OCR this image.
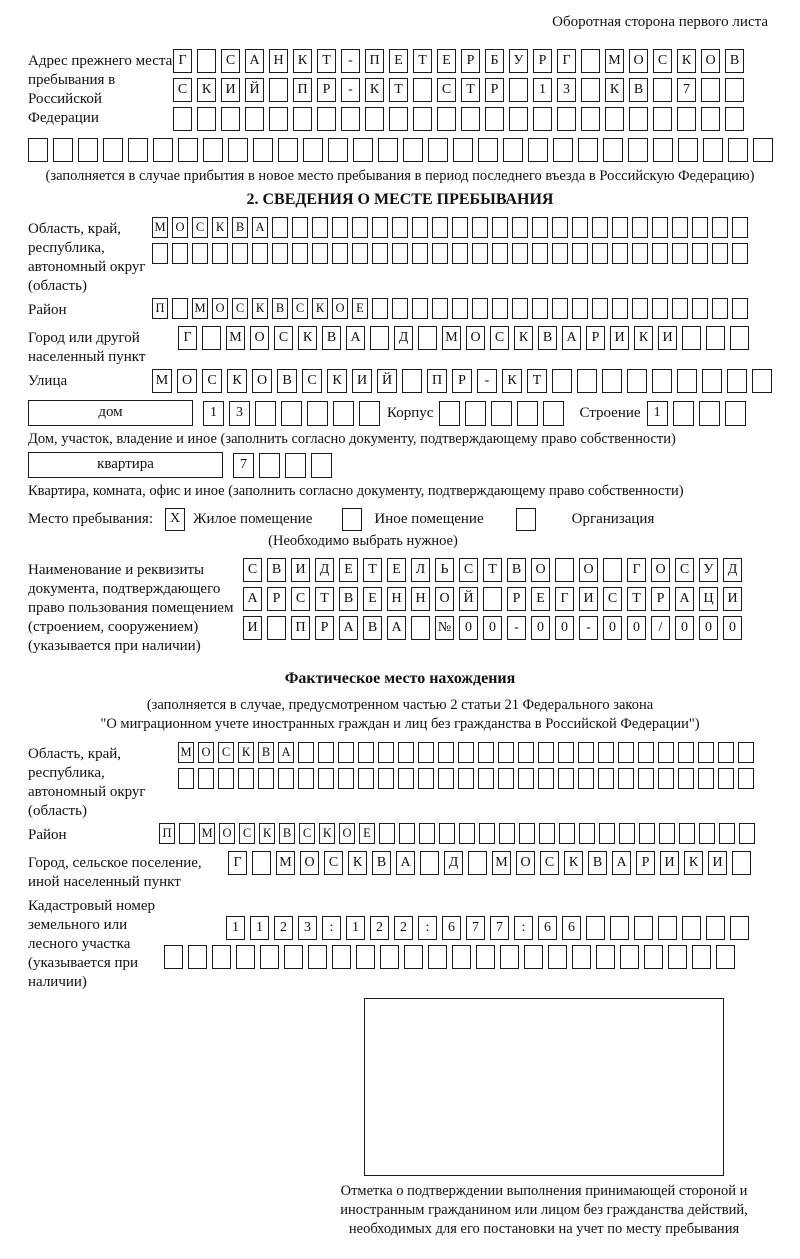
Оборотная сторона первого листа
Адрес прежнего места пребывания в Российской Федерации
Г	С А Н К Т - П Е Т Е Р Б У Р Г	М О С К О В
С К И Й	П Р - К Т	С Т Р	1 3	К В	7
(заполняется в случае прибытия в новое место пребывания в период последнего въезда в Российскую Федерацию)
2. СВЕДЕНИЯ О МЕСТЕ ПРЕБЫВАНИЯ
Область, край, республика, автономный округ (область)
М О С К В А
Район	П М О С К В С К О Е
Город или другой населенный пункт
Г	М О С К В А	Д	М О С К В А Р И К И
Улица	М О С К О В С К И Й	П Р - К Т
дом	1 3	Корпус	Строение 1
Дом, участок, владение и иное (заполнить согласно документу, подтверждающему право собственности)
квартира	7
Квартира, комната, офис и иное (заполнить согласно документу, подтверждающему право собственности)
Место пребывания:	X Жилое помещение	Иное помещение	Организация
(Необходимо выбрать нужное)
Наименование и реквизиты документа, подтверждающего право пользования помещением (строением, сооружением) (указывается при наличии)
С В И Д Е Т Е Л Ь С Т В О	О	Г О С У Д
А Р С Т В Е Н Н О Й	Р Е Г И С Т Р А Ц И
И	П Р А В А	№ 0 0 - 0 0 - 0 0 / 0 0 0
Фактическое место нахождения
(заполняется в случае, предусмотренном частью 2 статьи 21 Федерального закона
"О миграционном учете иностранных граждан и лиц без гражданства в Российской Федерации")
Область, край, республика, автономный округ (область)
М О С К В А
Район	П М О С К В С К О Е
Город, сельское поселение, иной населенный пункт
Г	М О С К В А	Д	М О С К В А Р И К И
Кадастровый номер земельного или лесного участка (указывается при наличии)
1 1 2 3 : 1 2 2 : 6 7 7 : 6 6
Отметка о подтверждении выполнения принимающей стороной и иностранным гражданином или лицом без гражданства действий, необходимых для его постановки на учет по месту пребывания
